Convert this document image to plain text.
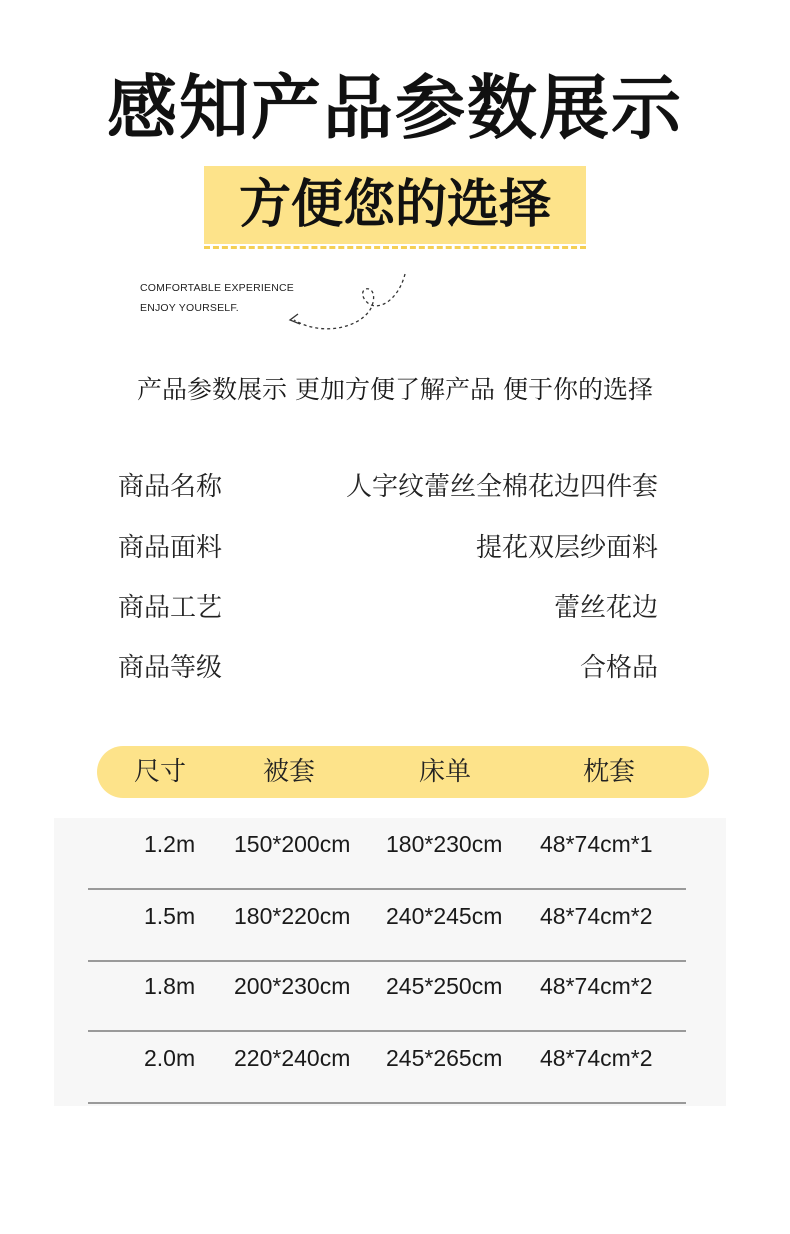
感知产品参数展示
方便您的选择
COMFORTABLE EXPERIENCE
ENJOY YOURSELF.
产品参数展示 更加方便了解产品 便于你的选择
商品名称	人字纹蕾丝全棉花边四件套
商品面料	提花双层纱面料
商品工艺	蕾丝花边
商品等级	合格品
尺寸	被套	床单	枕套
1.2m 150*200cm 180*230cm 48*74cm*1
1.5m 180*220cm 240*245cm 48*74cm*2
1.8m 200*230cm 245*250cm 48*74cm*2
2.0m 220*240cm 245*265cm 48*74cm*2
